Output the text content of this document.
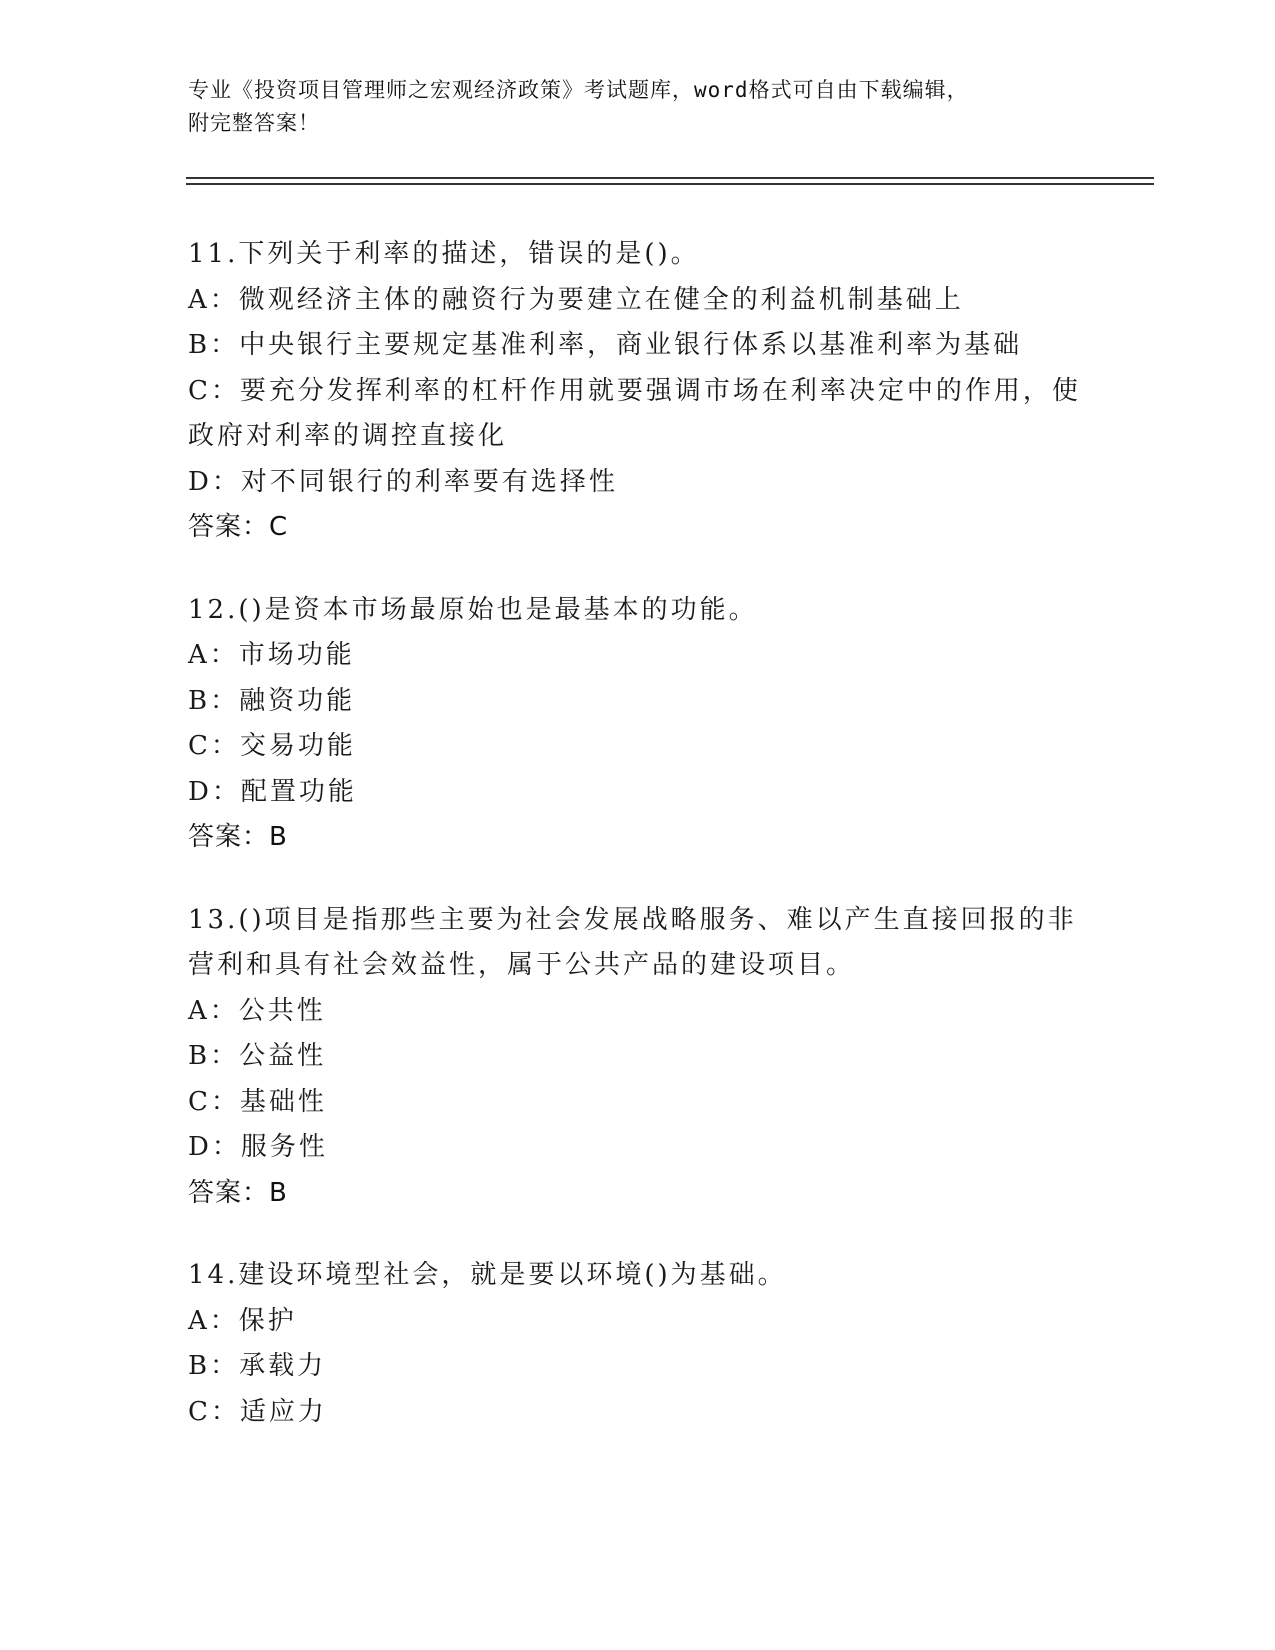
专业《投资项目管理师之宏观经济政策》考试题库，word格式可自由下载编辑，
附完整答案！
11.下列关于利率的描述，错误的是()。
A：微观经济主体的融资行为要建立在健全的利益机制基础上
B：中央银行主要规定基准利率，商业银行体系以基准利率为基础
C：要充分发挥利率的杠杆作用就要强调市场在利率决定中的作用，使政府对利率的调控直接化
D：对不同银行的利率要有选择性
答案：C
12.()是资本市场最原始也是最基本的功能。
A：市场功能
B：融资功能
C：交易功能
D：配置功能
答案：B
13.()项目是指那些主要为社会发展战略服务、难以产生直接回报的非营利和具有社会效益性，属于公共产品的建设项目。
A：公共性
B：公益性
C：基础性
D：服务性
答案：B
14.建设环境型社会，就是要以环境()为基础。
A：保护
B：承载力
C：适应力
